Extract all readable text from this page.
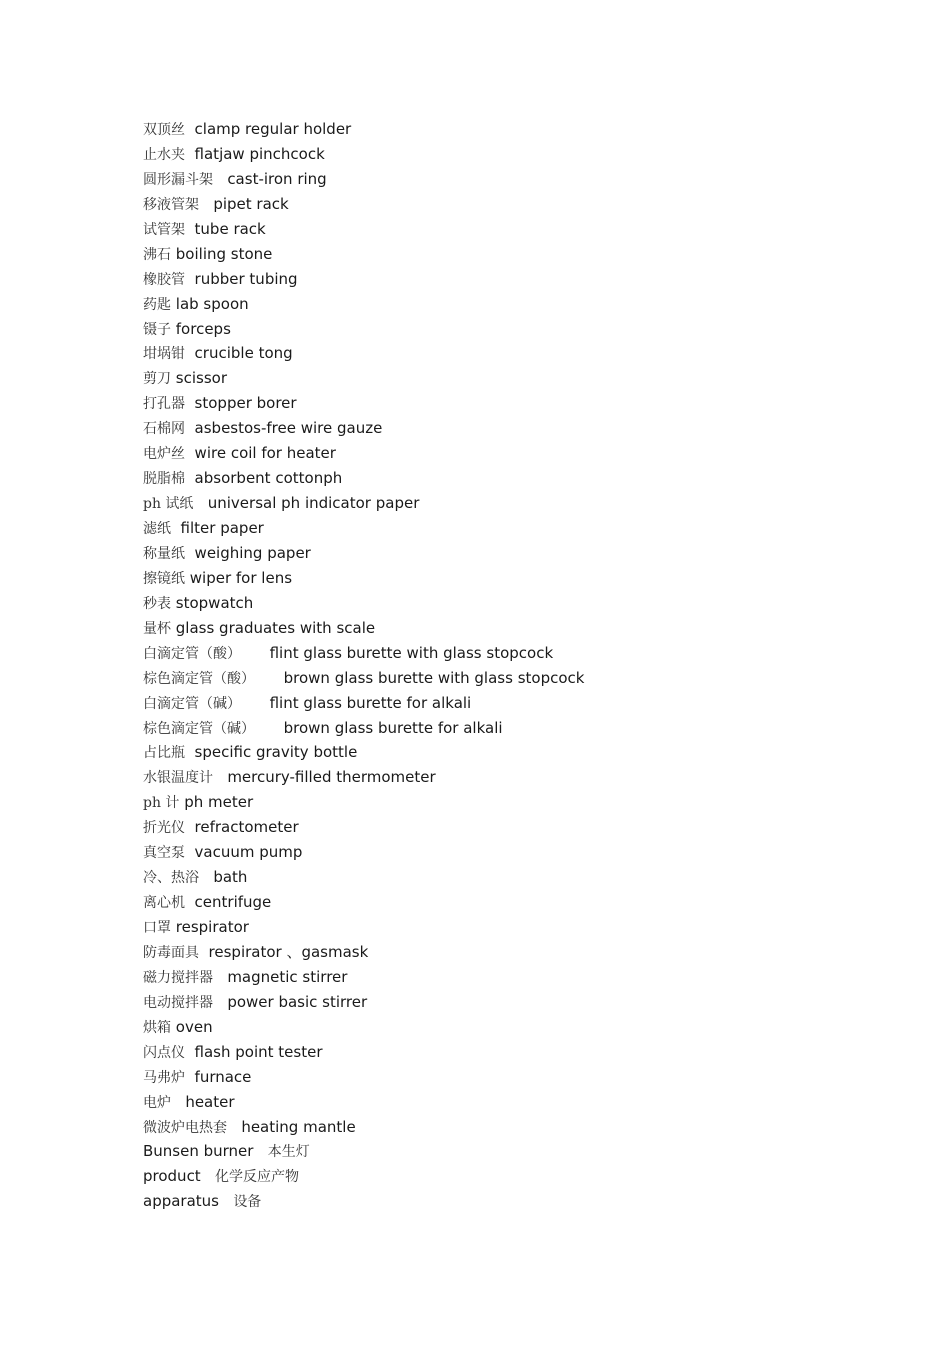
双顶丝 clamp regular holder
止水夹 flatjaw pinchcock
圆形漏斗架 cast-iron ring
移液管架 pipet rack
试管架 tube rack
沸石 boiling stone
橡胶管 rubber tubing
药匙 lab spoon
镊子 forceps
坩埚钳 crucible tong
剪刀 scissor
打孔器 stopper borer
石棉网 asbestos-free wire gauze
电炉丝 wire coil for heater
脱脂棉 absorbent cottonph
ph 试纸 universal ph indicator paper
滤纸 filter paper
称量纸 weighing paper
擦镜纸 wiper for lens
秒表 stopwatch
量杯 glass graduates with scale
白滴定管（酸） flint glass burette with glass stopcock
棕色滴定管（酸） brown glass burette with glass stopcock
白滴定管（碱） flint glass burette for alkali
棕色滴定管（碱） brown glass burette for alkali
占比瓶 specific gravity bottle
水银温度计 mercury-filled thermometer
ph 计 ph meter
折光仪 refractometer
真空泵 vacuum pump
冷、热浴 bath
离心机 centrifuge
口罩 respirator
防毒面具 respirator 、gasmask
磁力搅拌器 magnetic stirrer
电动搅拌器 power basic stirrer
烘箱 oven
闪点仪 flash point tester
马弗炉 furnace
电炉 heater
微波炉电热套 heating mantle
Bunsen burner 本生灯
product 化学反应产物
apparatus 设备
